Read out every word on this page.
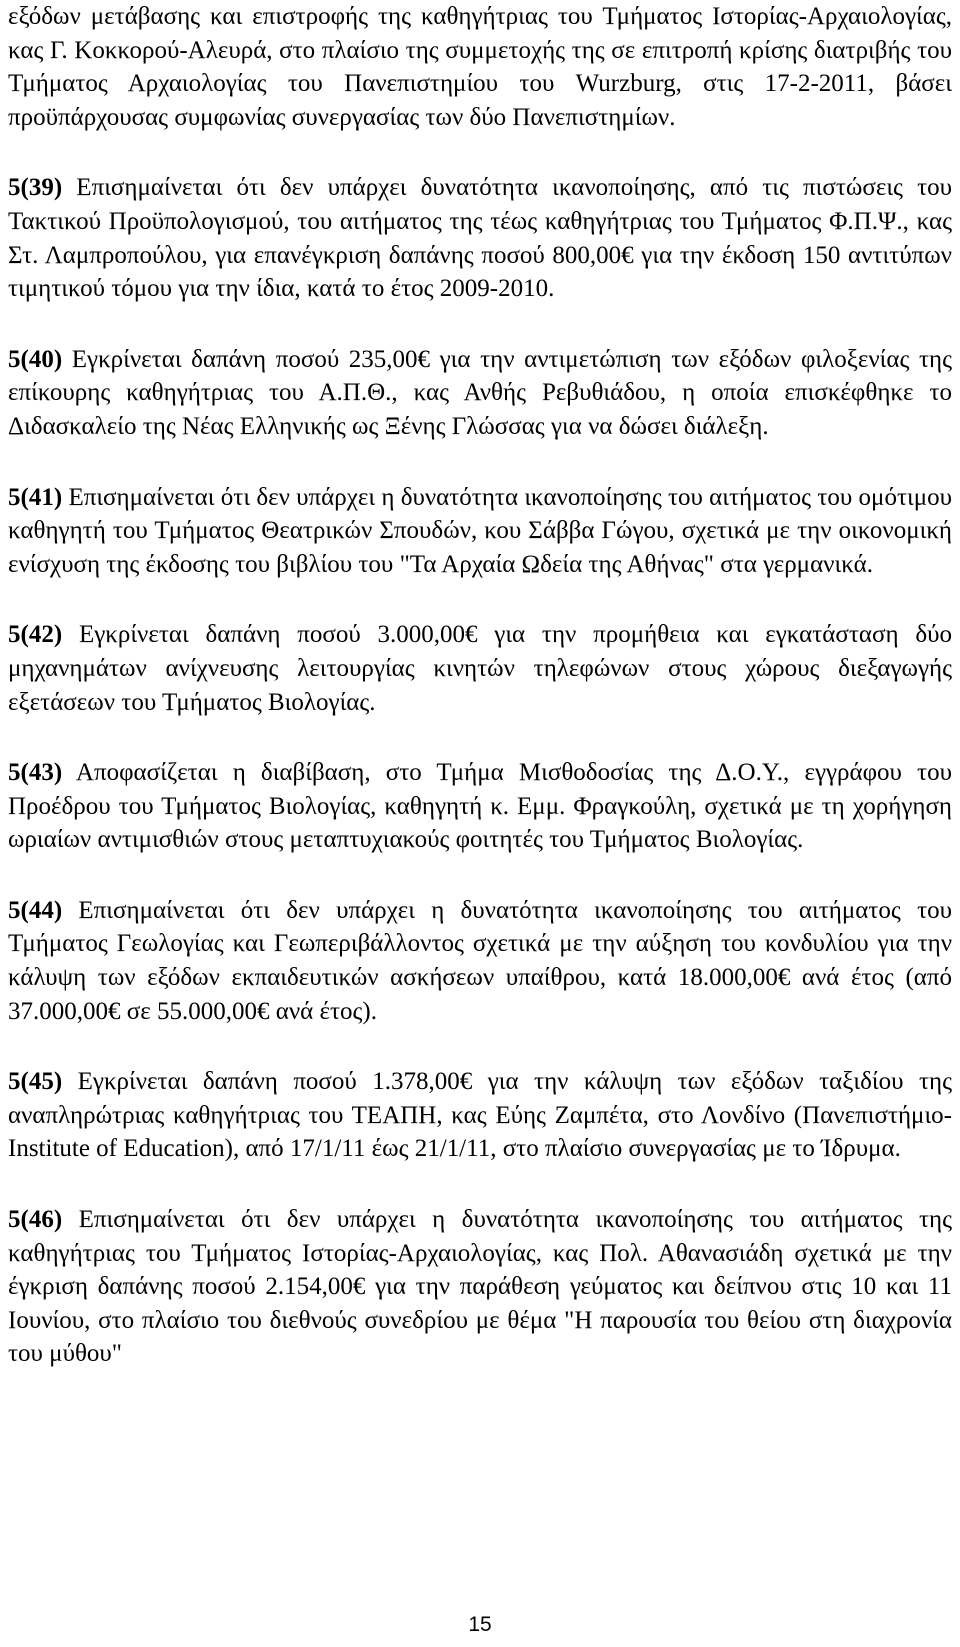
εξόδων μετάβασης και επιστροφής της καθηγήτριας του Τμήματος Ιστορίας-Αρχαιολογίας, κας Γ. Κοκκορού-Αλευρά, στο πλαίσιο της συμμετοχής της σε επιτροπή κρίσης διατριβής του Τμήματος Αρχαιολογίας του Πανεπιστημίου του Wurzburg, στις 17-2-2011, βάσει προϋπάρχουσας συμφωνίας συνεργασίας των δύο Πανεπιστημίων.

5(39) Επισημαίνεται ότι δεν υπάρχει δυνατότητα ικανοποίησης, από τις πιστώσεις του Τακτικού Προϋπολογισμού, του αιτήματος της τέως καθηγήτριας του Τμήματος Φ.Π.Ψ., κας Στ. Λαμπροπούλου, για επανέγκριση δαπάνης ποσού 800,00€ για την έκδοση 150 αντιτύπων τιμητικού τόμου για την ίδια, κατά το έτος 2009-2010.

5(40) Εγκρίνεται δαπάνη ποσού 235,00€ για την αντιμετώπιση των εξόδων φιλοξενίας της επίκουρης καθηγήτριας του Α.Π.Θ., κας Ανθής Ρεβυθιάδου, η οποία επισκέφθηκε το Διδασκαλείο της Νέας Ελληνικής ως Ξένης Γλώσσας για να δώσει διάλεξη.

5(41) Επισημαίνεται ότι δεν υπάρχει η δυνατότητα ικανοποίησης του αιτήματος του ομότιμου καθηγητή του Τμήματος Θεατρικών Σπουδών, κου Σάββα Γώγου, σχετικά με την οικονομική ενίσχυση της έκδοσης του βιβλίου του "Τα Αρχαία Ωδεία της Αθήνας" στα γερμανικά.

5(42) Εγκρίνεται δαπάνη ποσού 3.000,00€ για την προμήθεια και εγκατάσταση δύο μηχανημάτων ανίχνευσης λειτουργίας κινητών τηλεφώνων στους χώρους διεξαγωγής εξετάσεων του Τμήματος Βιολογίας.

5(43) Αποφασίζεται η διαβίβαση, στο Τμήμα Μισθοδοσίας της Δ.Ο.Υ., εγγράφου του Προέδρου του Τμήματος Βιολογίας, καθηγητή κ. Εμμ. Φραγκούλη, σχετικά με τη χορήγηση ωριαίων αντιμισθιών στους μεταπτυχιακούς φοιτητές του Τμήματος Βιολογίας.

5(44) Επισημαίνεται ότι δεν υπάρχει η δυνατότητα ικανοποίησης του αιτήματος του Τμήματος Γεωλογίας και Γεωπεριβάλλοντος σχετικά με την αύξηση του κονδυλίου για την κάλυψη των εξόδων εκπαιδευτικών ασκήσεων υπαίθρου, κατά 18.000,00€ ανά έτος (από 37.000,00€ σε 55.000,00€ ανά έτος).

5(45) Εγκρίνεται δαπάνη ποσού 1.378,00€ για την κάλυψη των εξόδων ταξιδίου της αναπληρώτριας καθηγήτριας του ΤΕΑΠΗ, κας Εύης Ζαμπέτα, στο Λονδίνο (Πανεπιστήμιο-Institute of Education), από 17/1/11 έως 21/1/11, στο πλαίσιο συνεργασίας με το Ίδρυμα.

5(46) Επισημαίνεται ότι δεν υπάρχει η δυνατότητα ικανοποίησης του αιτήματος της καθηγήτριας του Τμήματος Ιστορίας-Αρχαιολογίας, κας Πολ. Αθανασιάδη σχετικά με την έγκριση δαπάνης ποσού 2.154,00€ για την παράθεση γεύματος και δείπνου στις 10 και 11 Ιουνίου, στο πλαίσιο του διεθνούς συνεδρίου με θέμα "Η παρουσία του θείου στη διαχρονία του μύθου"

15
